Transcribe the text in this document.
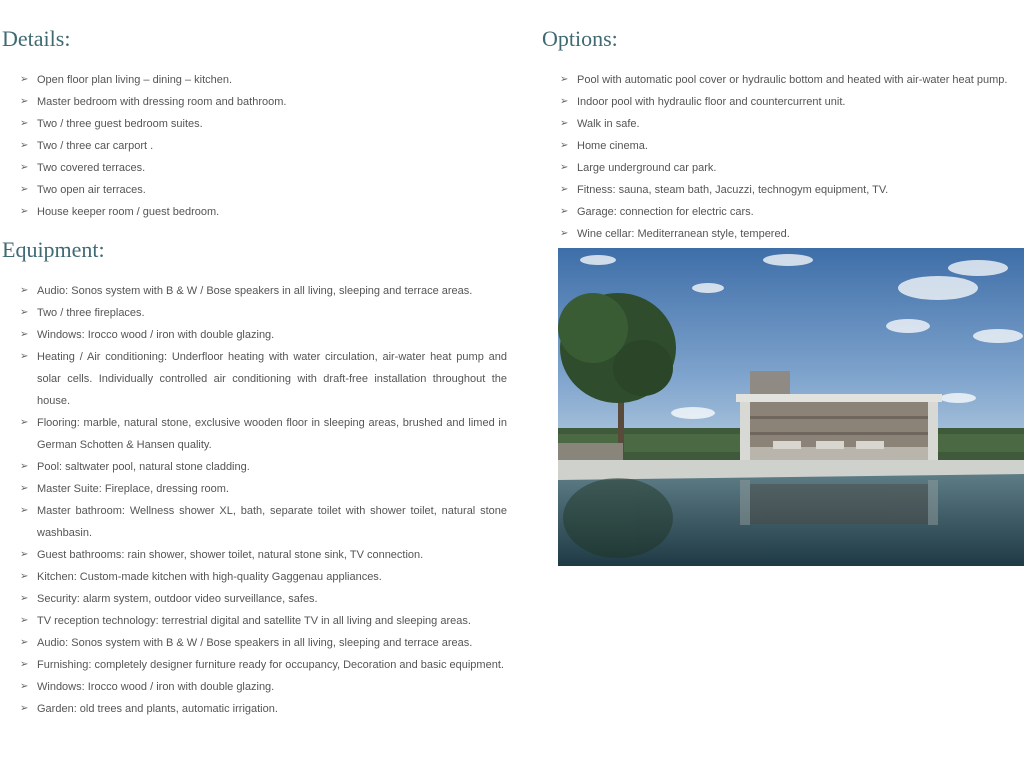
Details:
➢ Open floor plan living – dining – kitchen.
➢ Master bedroom with dressing room and bathroom.
➢ Two / three guest bedroom suites.
➢ Two / three car carport .
➢ Two covered terraces.
➢ Two open air terraces.
➢ House keeper room / guest bedroom.
Equipment:
➢ Audio: Sonos system with B & W / Bose speakers in all living, sleeping and terrace areas.
➢ Two / three fireplaces.
➢ Windows: Irocco wood / iron with double glazing.
➢ Heating / Air conditioning: Underfloor heating with water circulation, air-water heat pump and solar cells. Individually controlled air conditioning with draft-free installation throughout the house.
➢ Flooring: marble, natural stone, exclusive wooden floor in sleeping areas, brushed and limed in German Schotten & Hansen quality.
➢ Pool: saltwater pool, natural stone cladding.
➢ Master Suite: Fireplace, dressing room.
➢ Master bathroom: Wellness shower XL, bath, separate toilet with shower toilet, natural stone washbasin.
➢ Guest bathrooms: rain shower, shower toilet, natural stone sink, TV connection.
➢ Kitchen: Custom-made kitchen with high-quality Gaggenau appliances.
➢ Security: alarm system, outdoor video surveillance, safes.
➢ TV reception technology: terrestrial digital and satellite TV in all living and sleeping areas.
➢ Audio: Sonos system with B & W / Bose speakers in all living, sleeping and terrace areas.
➢ Furnishing: completely designer furniture ready for occupancy, Decoration and basic equipment.
➢ Windows: Irocco wood / iron with double glazing.
➢ Garden: old trees and plants, automatic irrigation.
Options:
➢ Pool with automatic pool cover or hydraulic bottom and heated with air-water heat pump.
➢ Indoor pool with hydraulic floor and countercurrent unit.
➢ Walk in safe.
➢ Home cinema.
➢ Large underground car park.
➢ Fitness: sauna, steam bath, Jacuzzi, technogym equipment, TV.
➢ Garage: connection for electric cars.
➢ Wine cellar: Mediterranean style, tempered.
